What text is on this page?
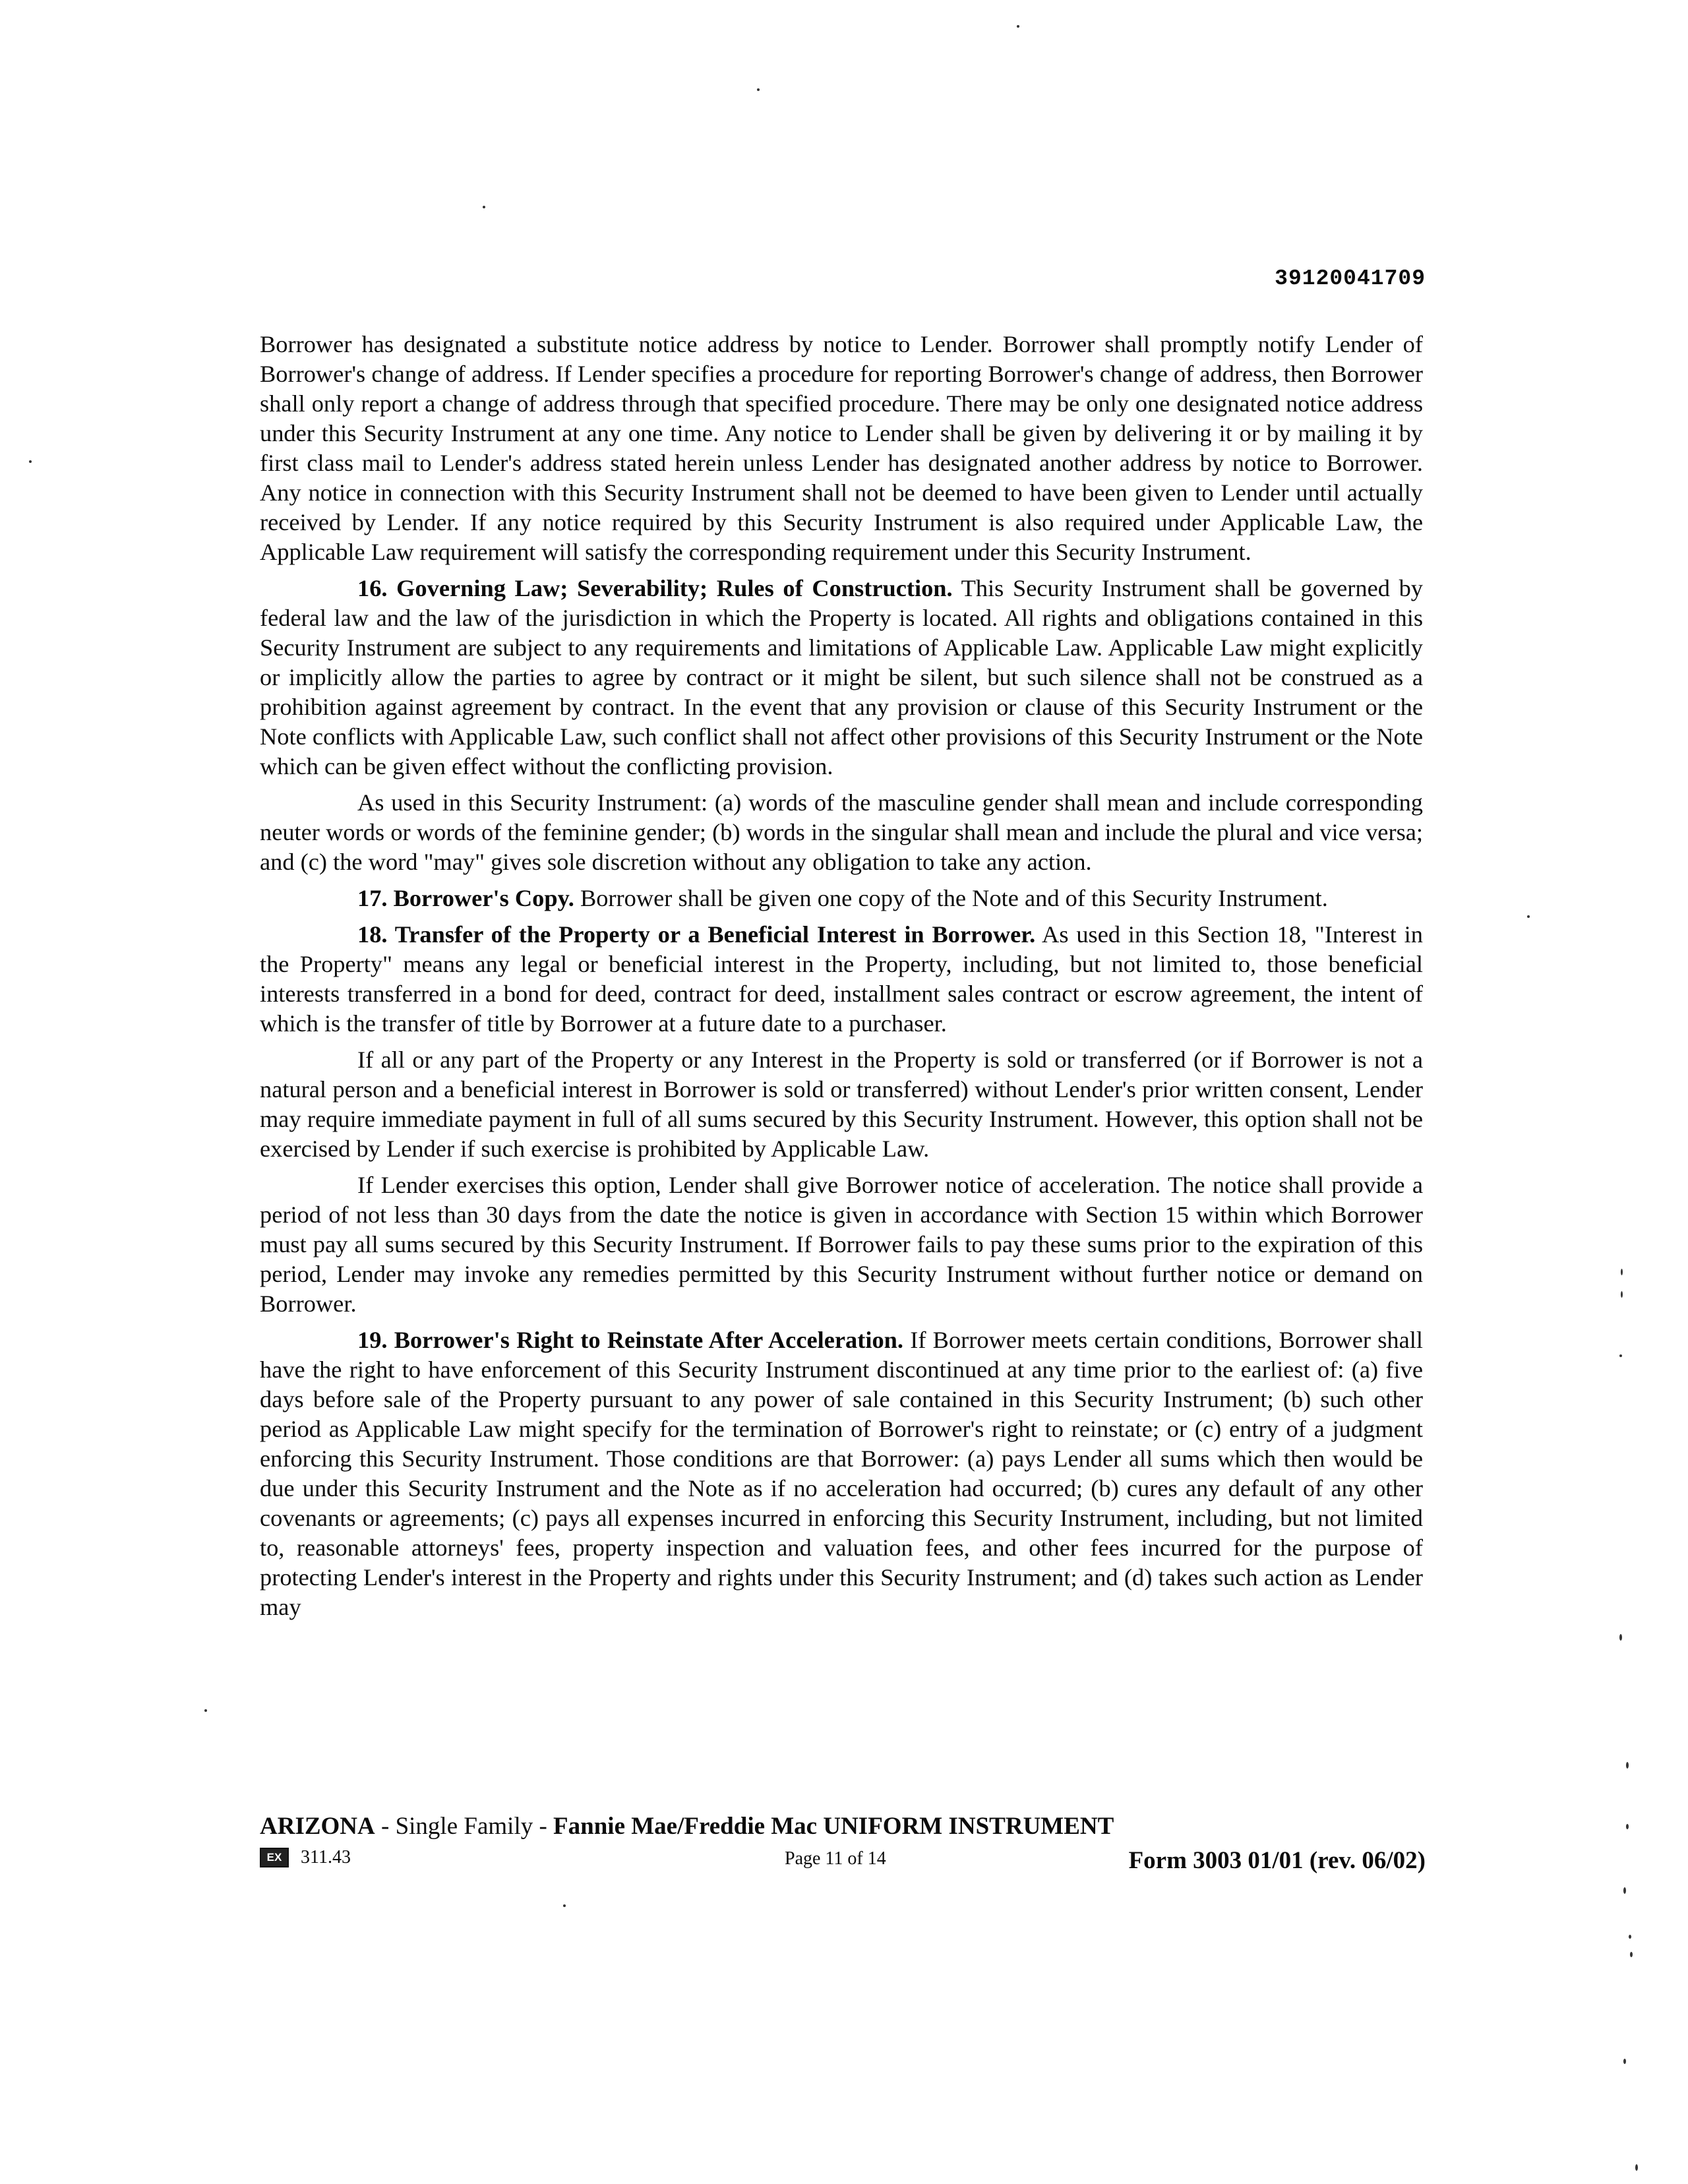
39120041709

Borrower has designated a substitute notice address by notice to Lender. Borrower shall promptly notify Lender of Borrower's change of address. If Lender specifies a procedure for reporting Borrower's change of address, then Borrower shall only report a change of address through that specified procedure. There may be only one designated notice address under this Security Instrument at any one time. Any notice to Lender shall be given by delivering it or by mailing it by first class mail to Lender's address stated herein unless Lender has designated another address by notice to Borrower. Any notice in connection with this Security Instrument shall not be deemed to have been given to Lender until actually received by Lender. If any notice required by this Security Instrument is also required under Applicable Law, the Applicable Law requirement will satisfy the corresponding requirement under this Security Instrument.

16. Governing Law; Severability; Rules of Construction. This Security Instrument shall be governed by federal law and the law of the jurisdiction in which the Property is located. All rights and obligations contained in this Security Instrument are subject to any requirements and limitations of Applicable Law. Applicable Law might explicitly or implicitly allow the parties to agree by contract or it might be silent, but such silence shall not be construed as a prohibition against agreement by contract. In the event that any provision or clause of this Security Instrument or the Note conflicts with Applicable Law, such conflict shall not affect other provisions of this Security Instrument or the Note which can be given effect without the conflicting provision.

As used in this Security Instrument: (a) words of the masculine gender shall mean and include corresponding neuter words or words of the feminine gender; (b) words in the singular shall mean and include the plural and vice versa; and (c) the word "may" gives sole discretion without any obligation to take any action.

17. Borrower's Copy. Borrower shall be given one copy of the Note and of this Security Instrument.

18. Transfer of the Property or a Beneficial Interest in Borrower. As used in this Section 18, "Interest in the Property" means any legal or beneficial interest in the Property, including, but not limited to, those beneficial interests transferred in a bond for deed, contract for deed, installment sales contract or escrow agreement, the intent of which is the transfer of title by Borrower at a future date to a purchaser.

If all or any part of the Property or any Interest in the Property is sold or transferred (or if Borrower is not a natural person and a beneficial interest in Borrower is sold or transferred) without Lender's prior written consent, Lender may require immediate payment in full of all sums secured by this Security Instrument. However, this option shall not be exercised by Lender if such exercise is prohibited by Applicable Law.

If Lender exercises this option, Lender shall give Borrower notice of acceleration. The notice shall provide a period of not less than 30 days from the date the notice is given in accordance with Section 15 within which Borrower must pay all sums secured by this Security Instrument. If Borrower fails to pay these sums prior to the expiration of this period, Lender may invoke any remedies permitted by this Security Instrument without further notice or demand on Borrower.

19. Borrower's Right to Reinstate After Acceleration. If Borrower meets certain conditions, Borrower shall have the right to have enforcement of this Security Instrument discontinued at any time prior to the earliest of: (a) five days before sale of the Property pursuant to any power of sale contained in this Security Instrument; (b) such other period as Applicable Law might specify for the termination of Borrower's right to reinstate; or (c) entry of a judgment enforcing this Security Instrument. Those conditions are that Borrower: (a) pays Lender all sums which then would be due under this Security Instrument and the Note as if no acceleration had occurred; (b) cures any default of any other covenants or agreements; (c) pays all expenses incurred in enforcing this Security Instrument, including, but not limited to, reasonable attorneys' fees, property inspection and valuation fees, and other fees incurred for the purpose of protecting Lender's interest in the Property and rights under this Security Instrument; and (d) takes such action as Lender may

ARIZONA - Single Family - Fannie Mae/Freddie Mac UNIFORM INSTRUMENT
EX	311.43	Page 11 of 14	Form 3003 01/01 (rev. 06/02)
